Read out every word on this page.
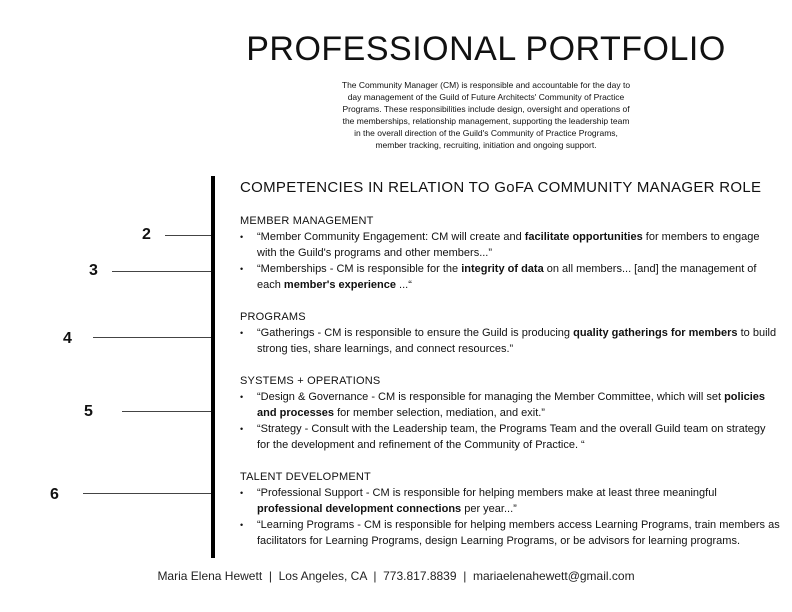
PROFESSIONAL PORTFOLIO
The Community Manager (CM) is responsible and accountable for the day to day management of the Guild of Future Architects' Community of Practice Programs. These responsibilities include design, oversight and operations of the memberships, relationship management, supporting the leadership team in the overall direction of the Guild's Community of Practice Programs, member tracking, recruiting, initiation and ongoing support.
2
3
4
5
6
COMPETENCIES IN RELATION TO GoFA COMMUNITY MANAGER ROLE
MEMBER MANAGEMENT
• “Member Community Engagement: CM will create and facilitate opportunities for members to engage with the Guild's programs and other members...”
• “Memberships - CM is responsible for the integrity of data on all members... [and] the management of each member's experience ...“
PROGRAMS
• “Gatherings - CM is responsible to ensure the Guild is producing quality gatherings for members to build strong ties, share learnings, and connect resources.”
SYSTEMS + OPERATIONS
• “Design & Governance - CM is responsible for managing the Member Committee, which will set policies and processes for member selection, mediation, and exit.”
• “Strategy - Consult with the Leadership team, the Programs Team and the overall Guild team on strategy for the development and refinement of the Community of Practice. “
TALENT DEVELOPMENT
• “Professional Support - CM is responsible for helping members make at least three meaningful professional development connections per year...”
• “Learning Programs - CM is responsible for helping members access Learning Programs, train members as facilitators for Learning Programs, design Learning Programs, or be advisors for learning programs.
Maria Elena Hewett  |  Los Angeles, CA  |  773.817.8839  |  mariaelenahewett@gmail.com
